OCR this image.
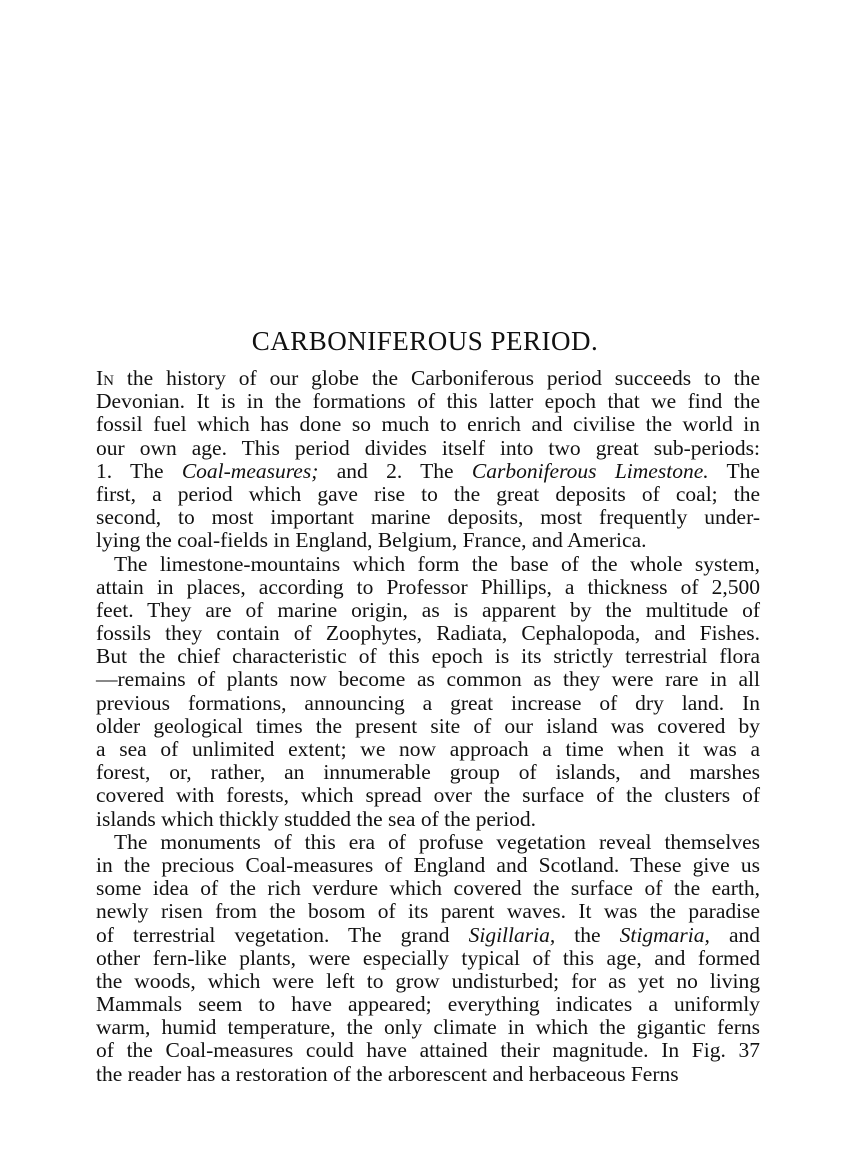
CARBONIFEROUS PERIOD.
In the history of our globe the Carboniferous period succeeds to the
Devonian. It is in the formations of this latter epoch that we find the
fossil fuel which has done so much to enrich and civilise the world in
our own age. This period divides itself into two great sub-periods:
1. The Coal-measures; and 2. The Carboniferous Limestone. The
first, a period which gave rise to the great deposits of coal; the
second, to most important marine deposits, most frequently under-
lying the coal-fields in England, Belgium, France, and America.
The limestone-mountains which form the base of the whole system,
attain in places, according to Professor Phillips, a thickness of 2,500
feet. They are of marine origin, as is apparent by the multitude of
fossils they contain of Zoophytes, Radiata, Cephalopoda, and Fishes.
But the chief characteristic of this epoch is its strictly terrestrial flora
—remains of plants now become as common as they were rare in all
previous formations, announcing a great increase of dry land. In
older geological times the present site of our island was covered by
a sea of unlimited extent; we now approach a time when it was a
forest, or, rather, an innumerable group of islands, and marshes
covered with forests, which spread over the surface of the clusters of
islands which thickly studded the sea of the period.
The monuments of this era of profuse vegetation reveal themselves
in the precious Coal-measures of England and Scotland. These give us
some idea of the rich verdure which covered the surface of the earth,
newly risen from the bosom of its parent waves. It was the paradise
of terrestrial vegetation. The grand Sigillaria, the Stigmaria, and
other fern-like plants, were especially typical of this age, and formed
the woods, which were left to grow undisturbed; for as yet no living
Mammals seem to have appeared; everything indicates a uniformly
warm, humid temperature, the only climate in which the gigantic ferns
of the Coal-measures could have attained their magnitude. In Fig. 37
the reader has a restoration of the arborescent and herbaceous Ferns
